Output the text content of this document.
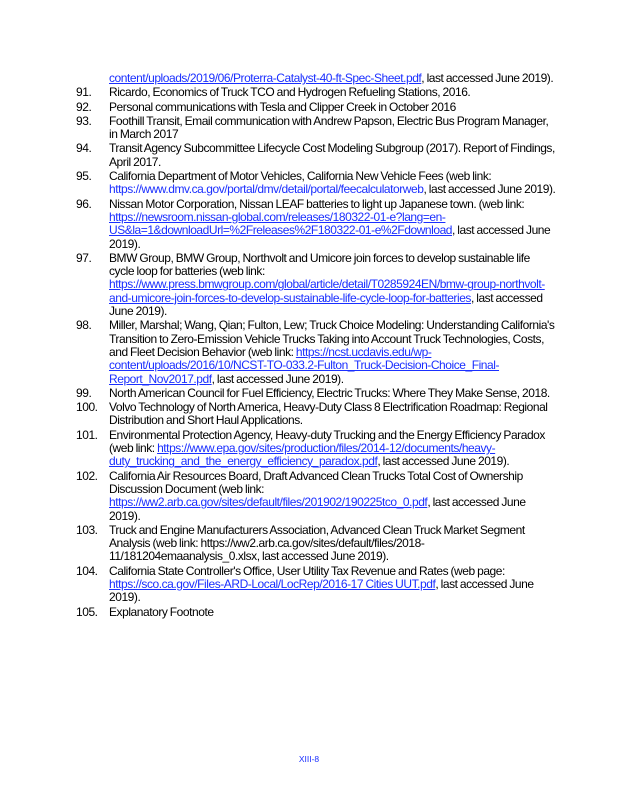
content/uploads/2019/06/Proterra-Catalyst-40-ft-Spec-Sheet.pdf, last accessed June 2019).
91.	Ricardo, Economics of Truck TCO and Hydrogen Refueling Stations, 2016.
92.	Personal communications with Tesla and Clipper Creek in October 2016
93.	Foothill Transit, Email communication with Andrew Papson, Electric Bus Program Manager, in March 2017
94.	Transit Agency Subcommittee Lifecycle Cost Modeling Subgroup (2017). Report of Findings, April 2017.
95.	California Department of Motor Vehicles, California New Vehicle Fees (web link: https://www.dmv.ca.gov/portal/dmv/detail/portal/feecalculatorweb, last accessed June 2019).
96.	Nissan Motor Corporation, Nissan LEAF batteries to light up Japanese town. (web link: https://newsroom.nissan-global.com/releases/180322-01-e?lang=en-US&la=1&downloadUrl=%2Freleases%2F180322-01-e%2Fdownload, last accessed June 2019).
97.	BMW Group, BMW Group, Northvolt and Umicore join forces to develop sustainable life cycle loop for batteries (web link: https://www.press.bmwgroup.com/global/article/detail/T0285924EN/bmw-group-northvolt-and-umicore-join-forces-to-develop-sustainable-life-cycle-loop-for-batteries, last accessed June 2019).
98.	Miller, Marshal; Wang, Qian; Fulton, Lew; Truck Choice Modeling: Understanding California's Transition to Zero-Emission Vehicle Trucks Taking into Account Truck Technologies, Costs, and Fleet Decision Behavior (web link: https://ncst.ucdavis.edu/wp-content/uploads/2016/10/NCST-TO-033.2-Fulton_Truck-Decision-Choice_Final-Report_Nov2017.pdf, last accessed June 2019).
99.	North American Council for Fuel Efficiency, Electric Trucks: Where They Make Sense, 2018.
100. Volvo Technology of North America, Heavy-Duty Class 8 Electrification Roadmap: Regional Distribution and Short Haul Applications.
101. Environmental Protection Agency, Heavy-duty Trucking and the Energy Efficiency Paradox (web link: https://www.epa.gov/sites/production/files/2014-12/documents/heavy-duty_trucking_and_the_energy_efficiency_paradox.pdf, last accessed June 2019).
102. California Air Resources Board, Draft Advanced Clean Trucks Total Cost of Ownership Discussion Document (web link: https://ww2.arb.ca.gov/sites/default/files/201902/190225tco_0.pdf, last accessed June 2019).
103. Truck and Engine Manufacturers Association, Advanced Clean Truck Market Segment Analysis (web link: https://ww2.arb.ca.gov/sites/default/files/2018-11/181204emaanalysis_0.xlsx, last accessed June 2019).
104. California State Controller's Office, User Utility Tax Revenue and Rates (web page: https://sco.ca.gov/Files-ARD-Local/LocRep/2016-17 Cities UUT.pdf, last accessed June 2019).
105. Explanatory Footnote
XIII-8
